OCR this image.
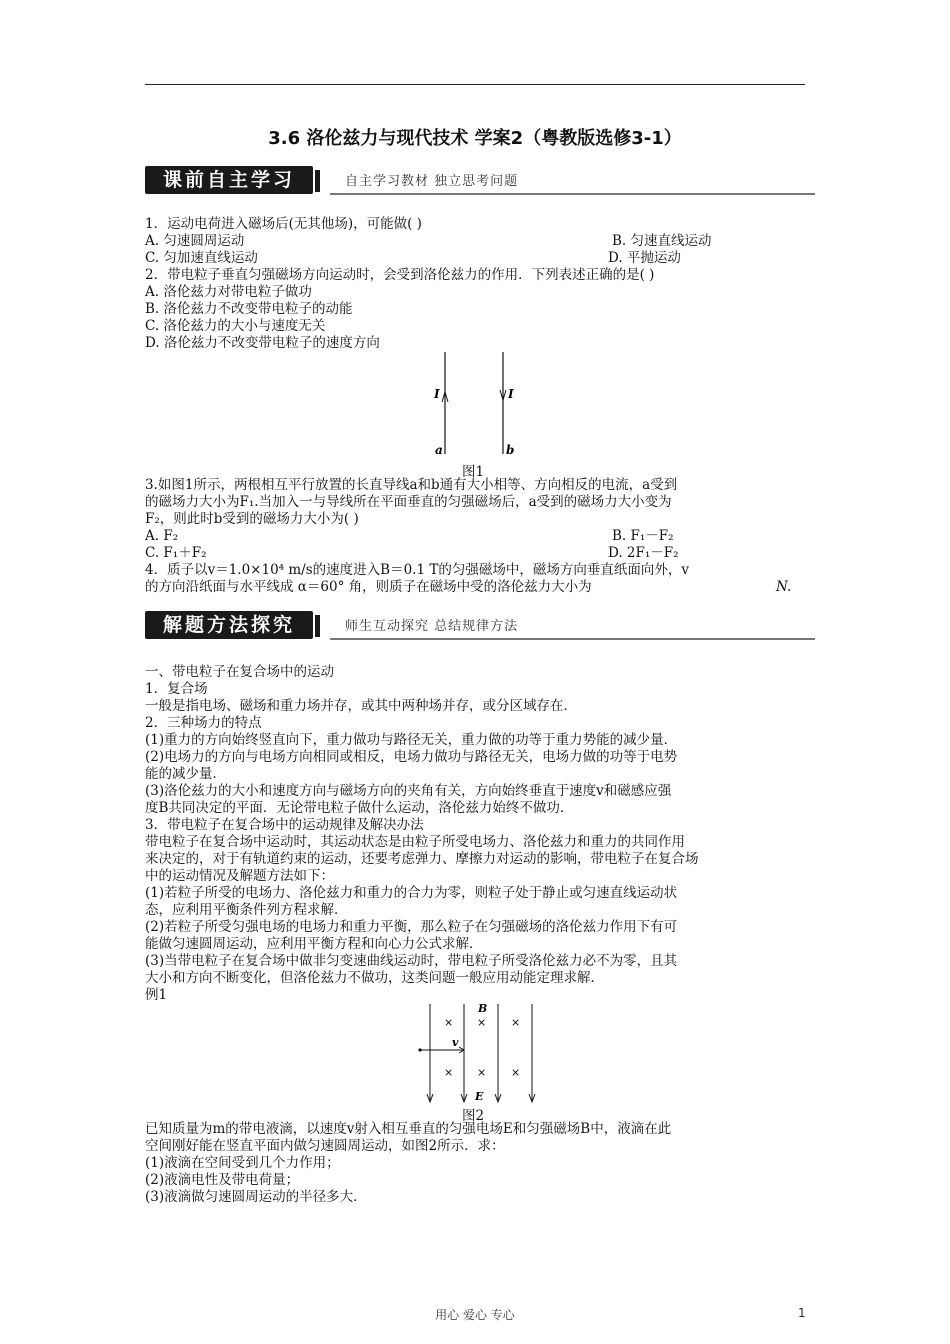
3.6 洛伦兹力与现代技术 学案2（粤教版选修3-1）
课前自主学习	自主学习教材 独立思考问题
1．运动电荷进入磁场后(无其他场)，可能做( )
A. 匀速圆周运动	B. 匀速直线运动
C. 匀加速直线运动	D. 平抛运动
2．带电粒子垂直匀强磁场方向运动时，会受到洛伦兹力的作用．下列表述正确的是( )
A. 洛伦兹力对带电粒子做功
B. 洛伦兹力不改变带电粒子的动能
C. 洛伦兹力的大小与速度无关
D. 洛伦兹力不改变带电粒子的速度方向
I	I
a	b
图1
3.如图1所示，两根相互平行放置的长直导线a和b通有大小相等、方向相反的电流，a受到
的磁场力大小为F₁.当加入一与导线所在平面垂直的匀强磁场后，a受到的磁场力大小变为
F₂，则此时b受到的磁场力大小为( )
A. F₂	B. F₁－F₂
C. F₁＋F₂	D. 2F₁－F₂
4．质子以v＝1.0×10⁴ m/s的速度进入B＝0.1 T的匀强磁场中，磁场方向垂直纸面向外，v
的方向沿纸面与水平线成 α＝60° 角，则质子在磁场中受的洛伦兹力大小为	N.
解题方法探究	师生互动探究 总结规律方法
一、带电粒子在复合场中的运动
1．复合场
一般是指电场、磁场和重力场并存，或其中两种场并存，或分区域存在．
2．三种场力的特点
(1)重力的方向始终竖直向下，重力做功与路径无关，重力做的功等于重力势能的减少量．
(2)电场力的方向与电场方向相同或相反，电场力做功与路径无关，电场力做的功等于电势
能的减少量．
(3)洛伦兹力的大小和速度方向与磁场方向的夹角有关，方向始终垂直于速度v和磁感应强
度B共同决定的平面．无论带电粒子做什么运动，洛伦兹力始终不做功．
3．带电粒子在复合场中的运动规律及解决办法
带电粒子在复合场中运动时，其运动状态是由粒子所受电场力、洛伦兹力和重力的共同作用
来决定的，对于有轨道约束的运动，还要考虑弹力、摩擦力对运动的影响，带电粒子在复合场
中的运动情况及解题方法如下：
(1)若粒子所受的电场力、洛伦兹力和重力的合力为零，则粒子处于静止或匀速直线运动状
态，应利用平衡条件列方程求解．
(2)若粒子所受匀强电场的电场力和重力平衡，那么粒子在匀强磁场的洛伦兹力作用下有可
能做匀速圆周运动，应利用平衡方程和向心力公式求解．
(3)当带电粒子在复合场中做非匀变速曲线运动时，带电粒子所受洛伦兹力必不为零，且其
大小和方向不断变化，但洛伦兹力不做功，这类问题一般应用动能定理求解．
例1
× × ×
× × ×
B
v
E
图2
已知质量为m的带电液滴，以速度v射入相互垂直的匀强电场E和匀强磁场B中，液滴在此
空间刚好能在竖直平面内做匀速圆周运动，如图2所示．求：
(1)液滴在空间受到几个力作用；
(2)液滴电性及带电荷量；
(3)液滴做匀速圆周运动的半径多大．
用心 爱心 专心	1
